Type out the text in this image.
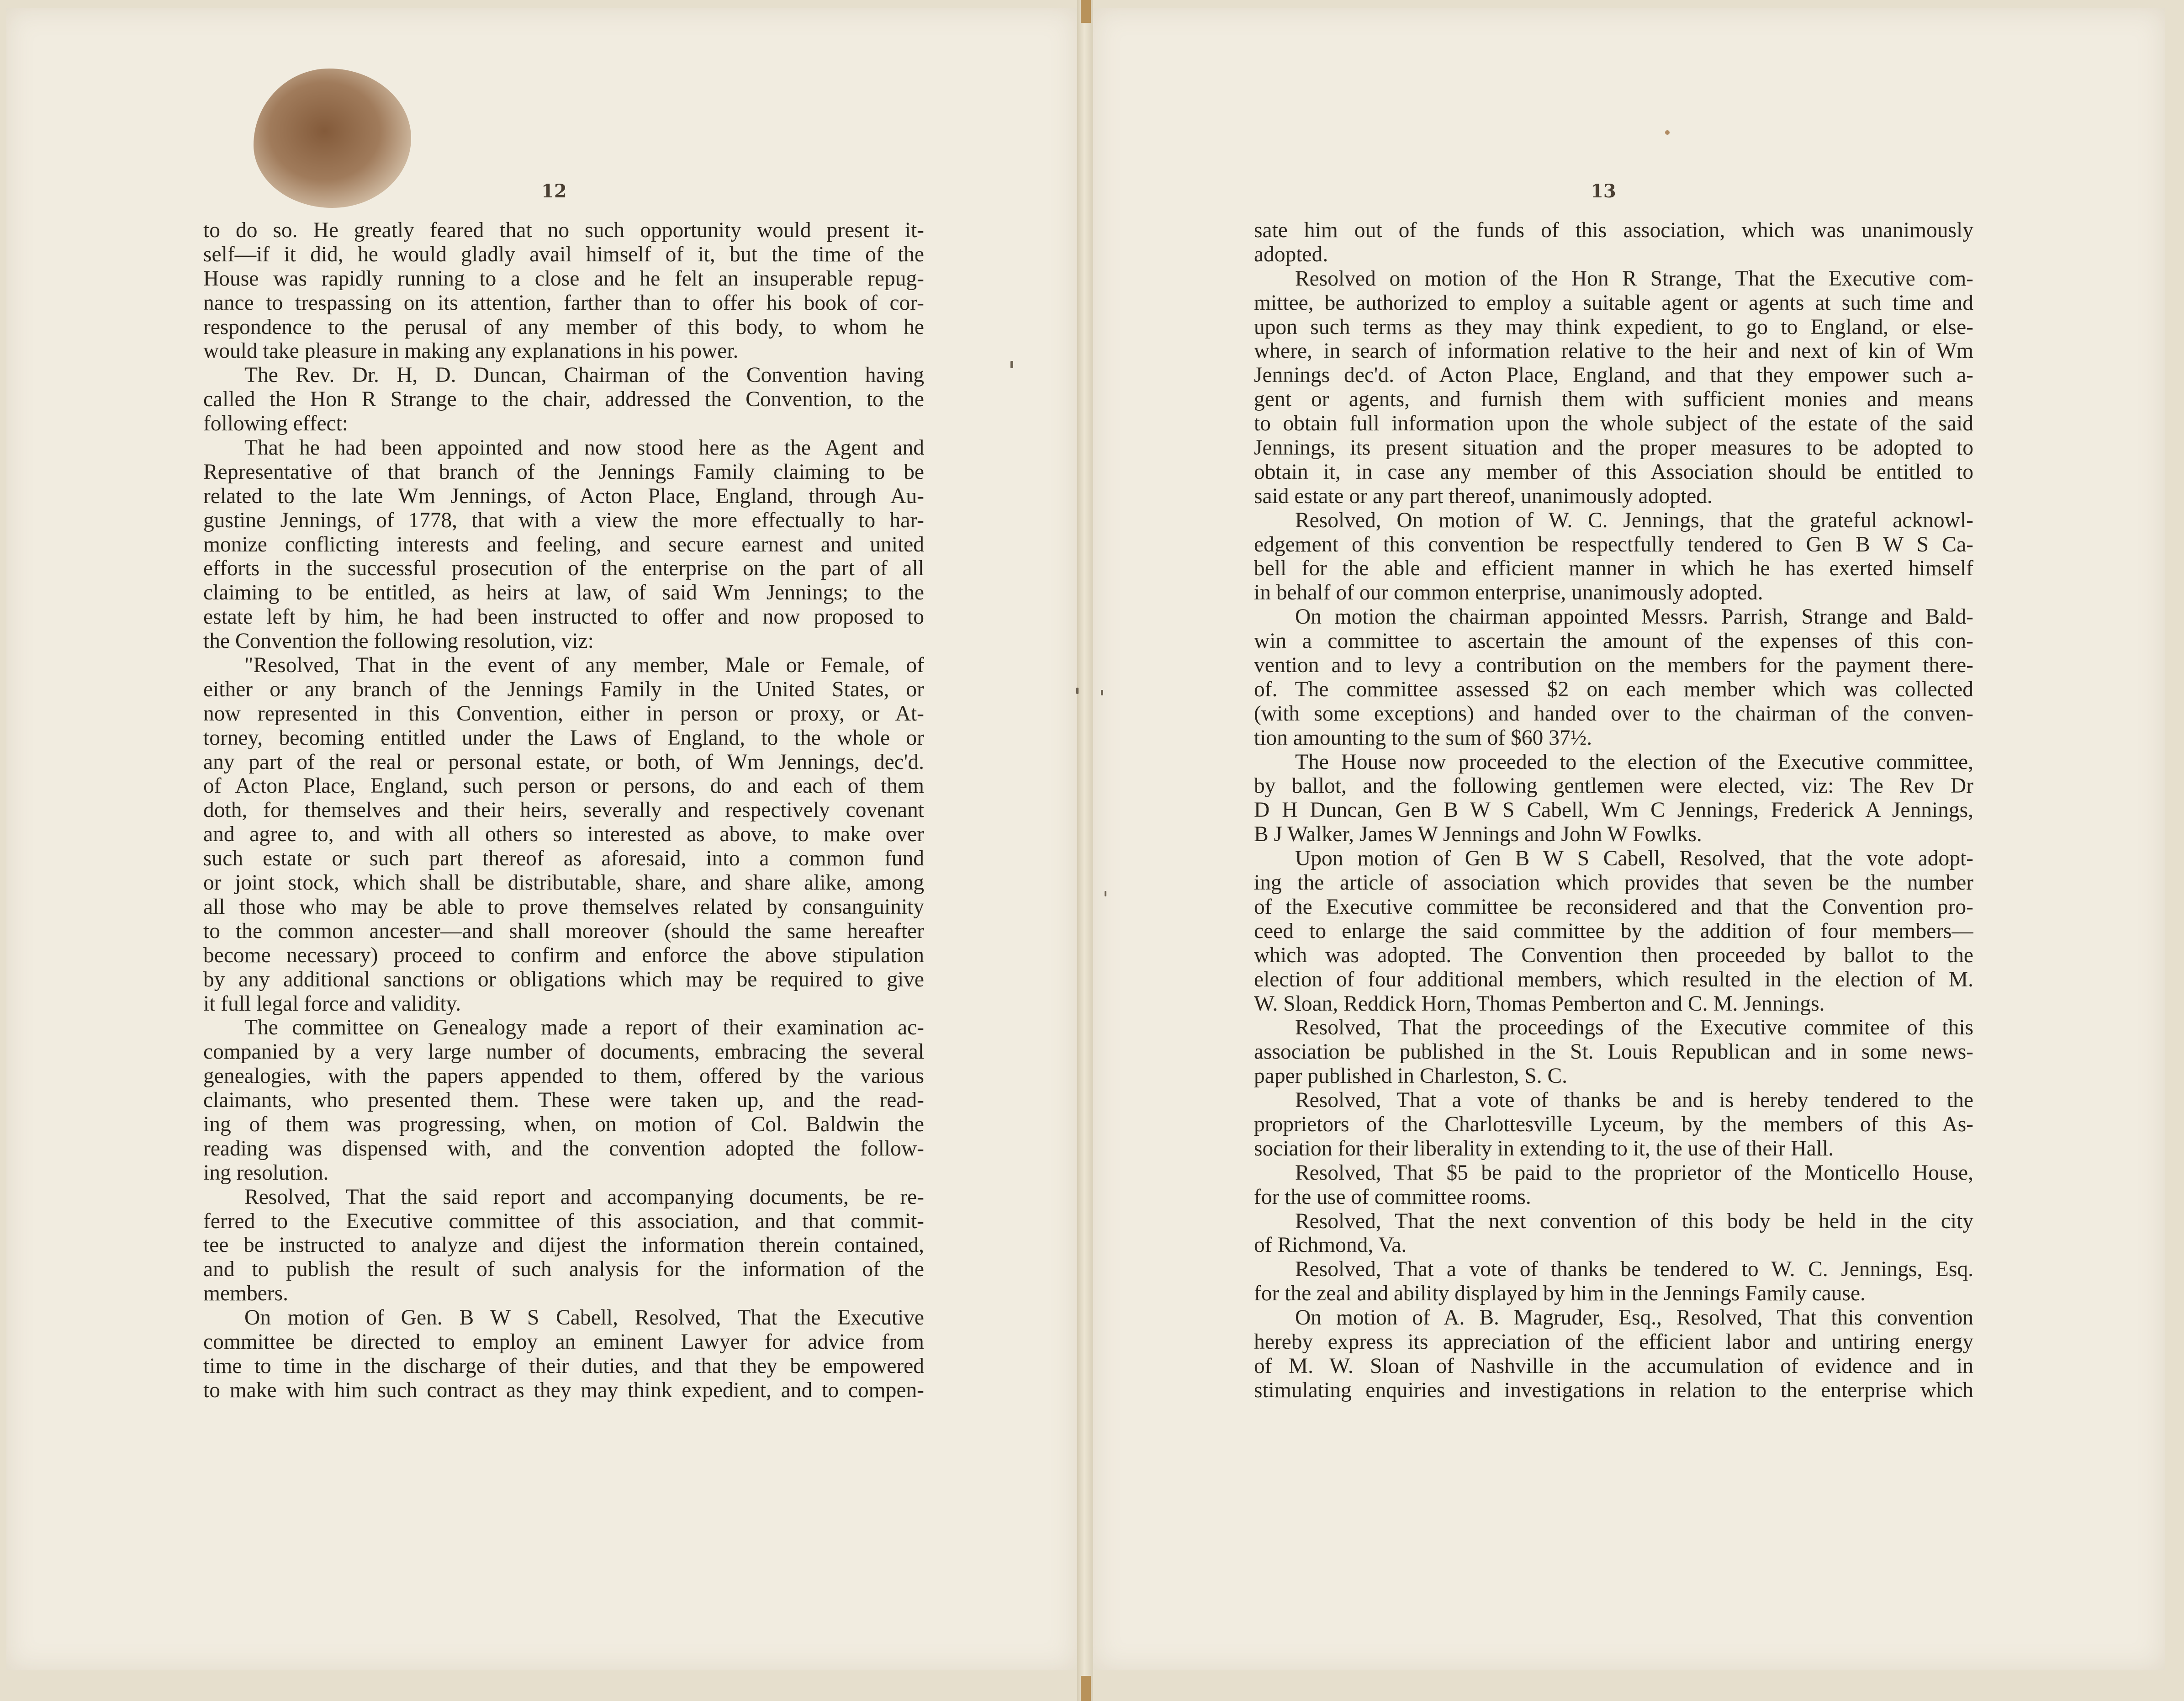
12	13
to do so. He greatly feared that no such opportunity would present it-
self—if it did, he would gladly avail himself of it, but the time of the
House was rapidly running to a close and he felt an insuperable repug-
nance to trespassing on its attention, farther than to offer his book of cor-
respondence to the perusal of any member of this body, to whom he
would take pleasure in making any explanations in his power.
The Rev. Dr. H, D. Duncan, Chairman of the Convention having
called the Hon R Strange to the chair, addressed the Convention, to the
following effect:
That he had been appointed and now stood here as the Agent and
Representative of that branch of the Jennings Family claiming to be
related to the late Wm Jennings, of Acton Place, England, through Au-
gustine Jennings, of 1778, that with a view the more effectually to har-
monize conflicting interests and feeling, and secure earnest and united
efforts in the successful prosecution of the enterprise on the part of all
claiming to be entitled, as heirs at law, of said Wm Jennings; to the
estate left by him, he had been instructed to offer and now proposed to
the Convention the following resolution, viz:
"Resolved, That in the event of any member, Male or Female, of
either or any branch of the Jennings Family in the United States, or
now represented in this Convention, either in person or proxy, or At-
torney, becoming entitled under the Laws of England, to the whole or
any part of the real or personal estate, or both, of Wm Jennings, dec'd.
of Acton Place, England, such person or persons, do and each of them
doth, for themselves and their heirs, severally and respectively covenant
and agree to, and with all others so interested as above, to make over
such estate or such part thereof as aforesaid, into a common fund
or joint stock, which shall be distributable, share, and share alike, among
all those who may be able to prove themselves related by consanguinity
to the common ancester—and shall moreover (should the same hereafter
become necessary) proceed to confirm and enforce the above stipulation
by any additional sanctions or obligations which may be required to give
it full legal force and validity.
The committee on Genealogy made a report of their examination ac-
companied by a very large number of documents, embracing the several
genealogies, with the papers appended to them, offered by the various
claimants, who presented them. These were taken up, and the read-
ing of them was progressing, when, on motion of Col. Baldwin the
reading was dispensed with, and the convention adopted the follow-
ing resolution.
Resolved, That the said report and accompanying documents, be re-
ferred to the Executive committee of this association, and that commit-
tee be instructed to analyze and dijest the information therein contained,
and to publish the result of such analysis for the information of the
members.
On motion of Gen. B W S Cabell, Resolved, That the Executive
committee be directed to employ an eminent Lawyer for advice from
time to time in the discharge of their duties, and that they be empowered
to make with him such contract as they may think expedient, and to compen-
sate him out of the funds of this association, which was unanimously
adopted.
Resolved on motion of the Hon R Strange, That the Executive com-
mittee, be authorized to employ a suitable agent or agents at such time and
upon such terms as they may think expedient, to go to England, or else-
where, in search of information relative to the heir and next of kin of Wm
Jennings dec'd. of Acton Place, England, and that they empower such a-
gent or agents, and furnish them with sufficient monies and means
to obtain full information upon the whole subject of the estate of the said
Jennings, its present situation and the proper measures to be adopted to
obtain it, in case any member of this Association should be entitled to
said estate or any part thereof, unanimously adopted.
Resolved, On motion of W. C. Jennings, that the grateful acknowl-
edgement of this convention be respectfully tendered to Gen B W S Ca-
bell for the able and efficient manner in which he has exerted himself
in behalf of our common enterprise, unanimously adopted.
On motion the chairman appointed Messrs. Parrish, Strange and Bald-
win a committee to ascertain the amount of the expenses of this con-
vention and to levy a contribution on the members for the payment there-
of. The committee assessed $2 on each member which was collected
(with some exceptions) and handed over to the chairman of the conven-
tion amounting to the sum of $60 37½.
The House now proceeded to the election of the Executive committee,
by ballot, and the following gentlemen were elected, viz: The Rev Dr
D H Duncan, Gen B W S Cabell, Wm C Jennings, Frederick A Jennings,
B J Walker, James W Jennings and John W Fowlks.
Upon motion of Gen B W S Cabell, Resolved, that the vote adopt-
ing the article of association which provides that seven be the number
of the Executive committee be reconsidered and that the Convention pro-
ceed to enlarge the said committee by the addition of four members—
which was adopted. The Convention then proceeded by ballot to the
election of four additional members, which resulted in the election of M.
W. Sloan, Reddick Horn, Thomas Pemberton and C. M. Jennings.
Resolved, That the proceedings of the Executive commitee of this
association be published in the St. Louis Republican and in some news-
paper published in Charleston, S. C.
Resolved, That a vote of thanks be and is hereby tendered to the
proprietors of the Charlottesville Lyceum, by the members of this As-
sociation for their liberality in extending to it, the use of their Hall.
Resolved, That $5 be paid to the proprietor of the Monticello House,
for the use of committee rooms.
Resolved, That the next convention of this body be held in the city
of Richmond, Va.
Resolved, That a vote of thanks be tendered to W. C. Jennings, Esq.
for the zeal and ability displayed by him in the Jennings Family cause.
On motion of A. B. Magruder, Esq., Resolved, That this convention
hereby express its appreciation of the efficient labor and untiring energy
of M. W. Sloan of Nashville in the accumulation of evidence and in
stimulating enquiries and investigations in relation to the enterprise which
